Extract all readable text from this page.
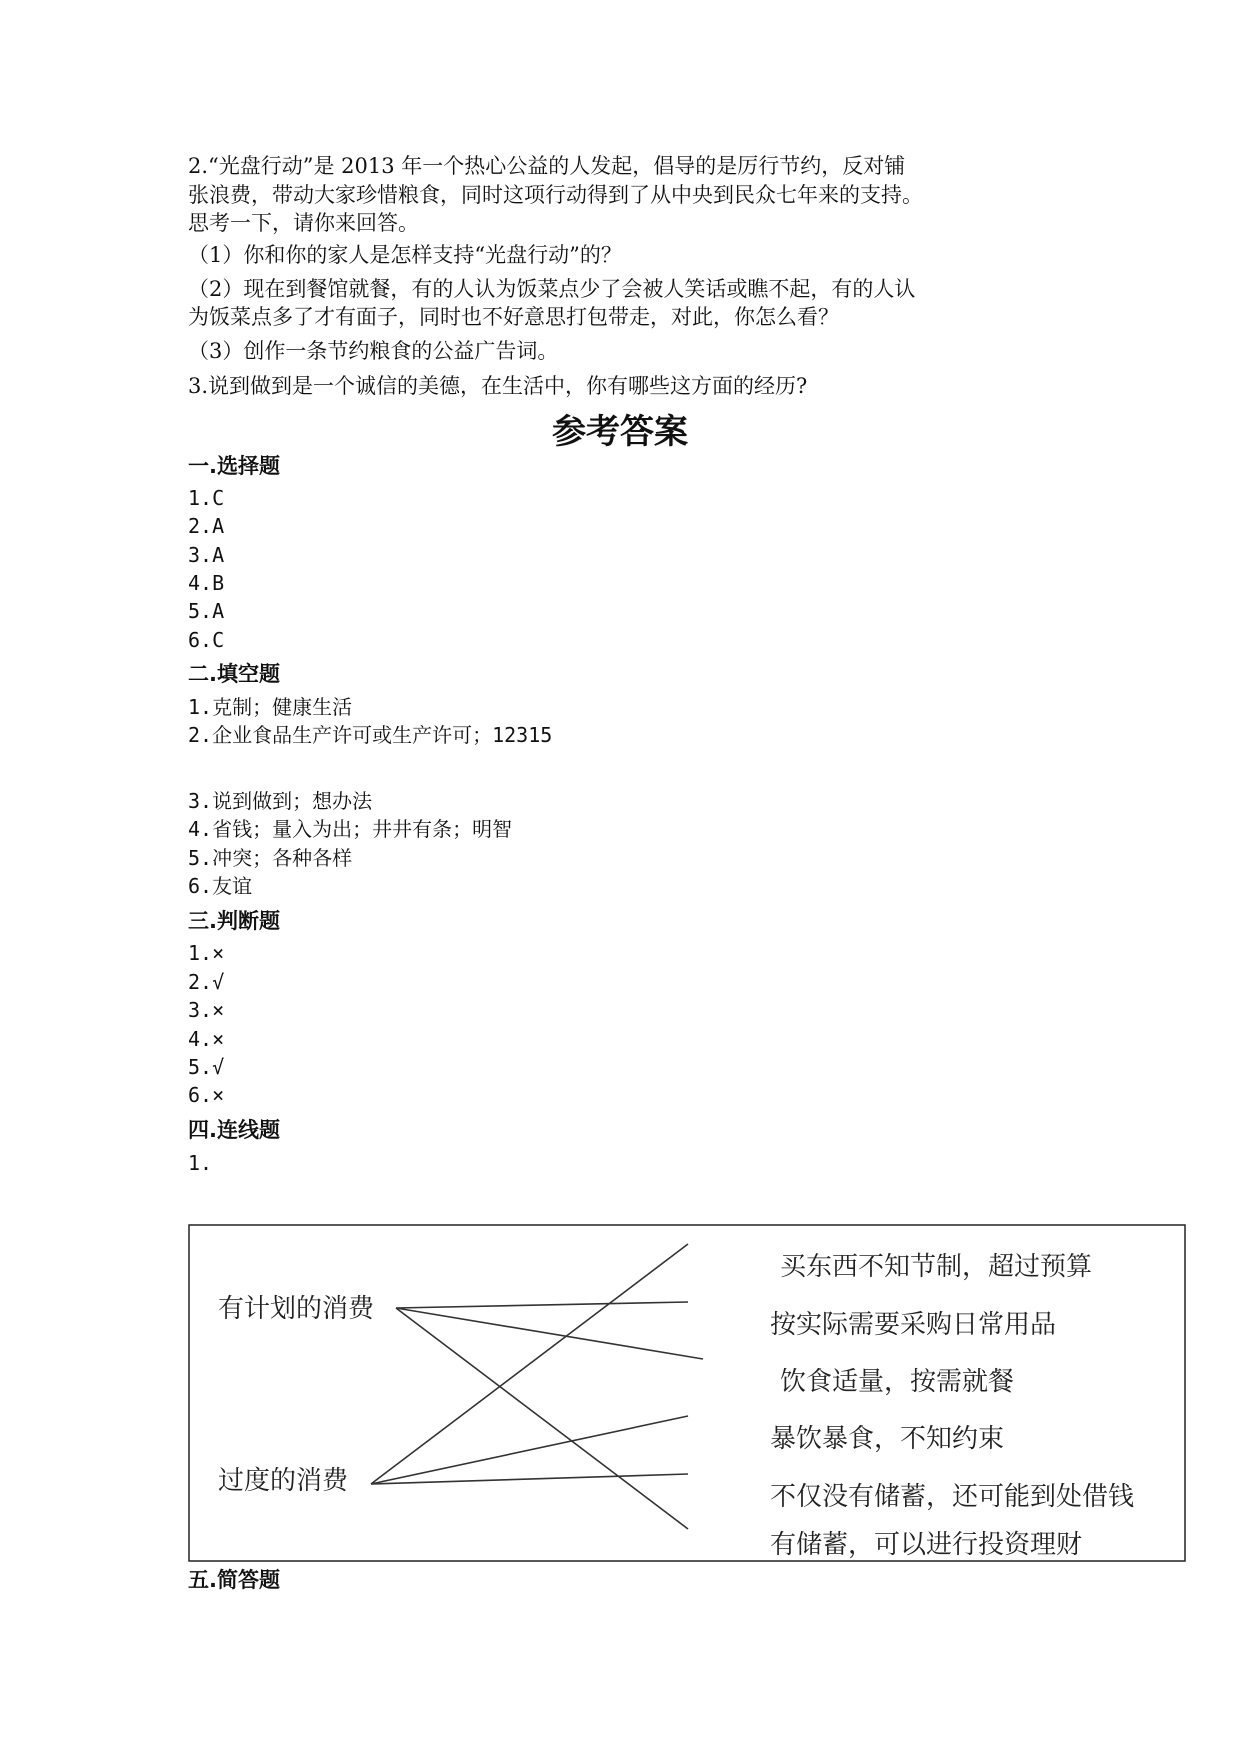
2.“光盘行动”是 2013 年一个热心公益的人发起，倡导的是厉行节约，反对铺
张浪费，带动大家珍惜粮食，同时这项行动得到了从中央到民众七年来的支持。
思考一下，请你来回答。
（1）你和你的家人是怎样支持“光盘行动”的？
（2）现在到餐馆就餐，有的人认为饭菜点少了会被人笑话或瞧不起，有的人认
为饭菜点多了才有面子，同时也不好意思打包带走，对此，你怎么看？
（3）创作一条节约粮食的公益广告词。
3.说到做到是一个诚信的美德，在生活中，你有哪些这方面的经历?
参考答案
一.选择题
1.C
2.A
3.A
4.B
5.A
6.C
二.填空题
1.克制；健康生活
2.企业食品生产许可或生产许可；12315
3.说到做到；想办法
4.省钱；量入为出；井井有条；明智
5.冲突；各种各样
6.友谊
三.判断题
1.×
2.√
3.×
4.×
5.√
6.×
四.连线题
1.
有计划的消费
过度的消费
买东西不知节制，超过预算
按实际需要采购日常用品
饮食适量，按需就餐
暴饮暴食，不知约束
不仅没有储蓄，还可能到处借钱
有储蓄，可以进行投资理财
五.简答题
